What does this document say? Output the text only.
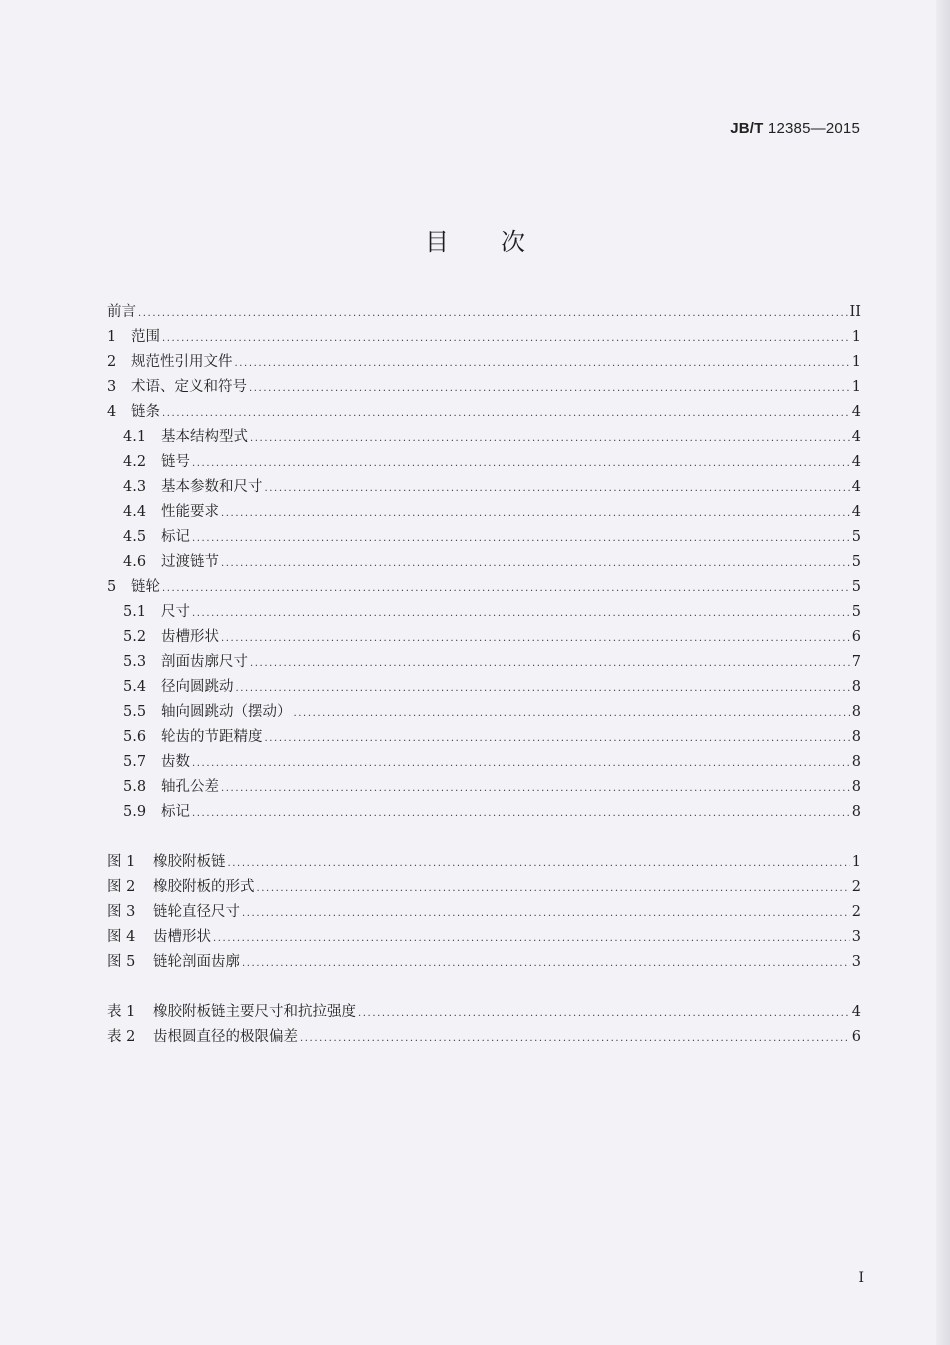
JB/T 12385—2015
目次
前言 .....	II
1	范围 .....	1
2	规范性引用文件 .....	1
3	术语、定义和符号 .....	1
4	链条 .....	4
4.1	基本结构型式 .....	4
4.2	链号 .....	4
4.3	基本参数和尺寸 .....	4
4.4	性能要求 .....	4
4.5	标记 .....	5
4.6	过渡链节 .....	5
5	链轮 .....	5
5.1	尺寸 .....	5
5.2	齿槽形状 .....	6
5.3	剖面齿廓尺寸 .....	7
5.4	径向圆跳动 .....	8
5.5	轴向圆跳动（摆动） .....	8
5.6	轮齿的节距精度 .....	8
5.7	齿数 .....	8
5.8	轴孔公差 .....	8
5.9	标记 .....	8
图 1	橡胶附板链 .....	1
图 2	橡胶附板的形式 .....	2
图 3	链轮直径尺寸 .....	2
图 4	齿槽形状 .....	3
图 5	链轮剖面齿廓 .....	3
表 1	橡胶附板链主要尺寸和抗拉强度 .....	4
表 2	齿根圆直径的极限偏差 .....	6
I
